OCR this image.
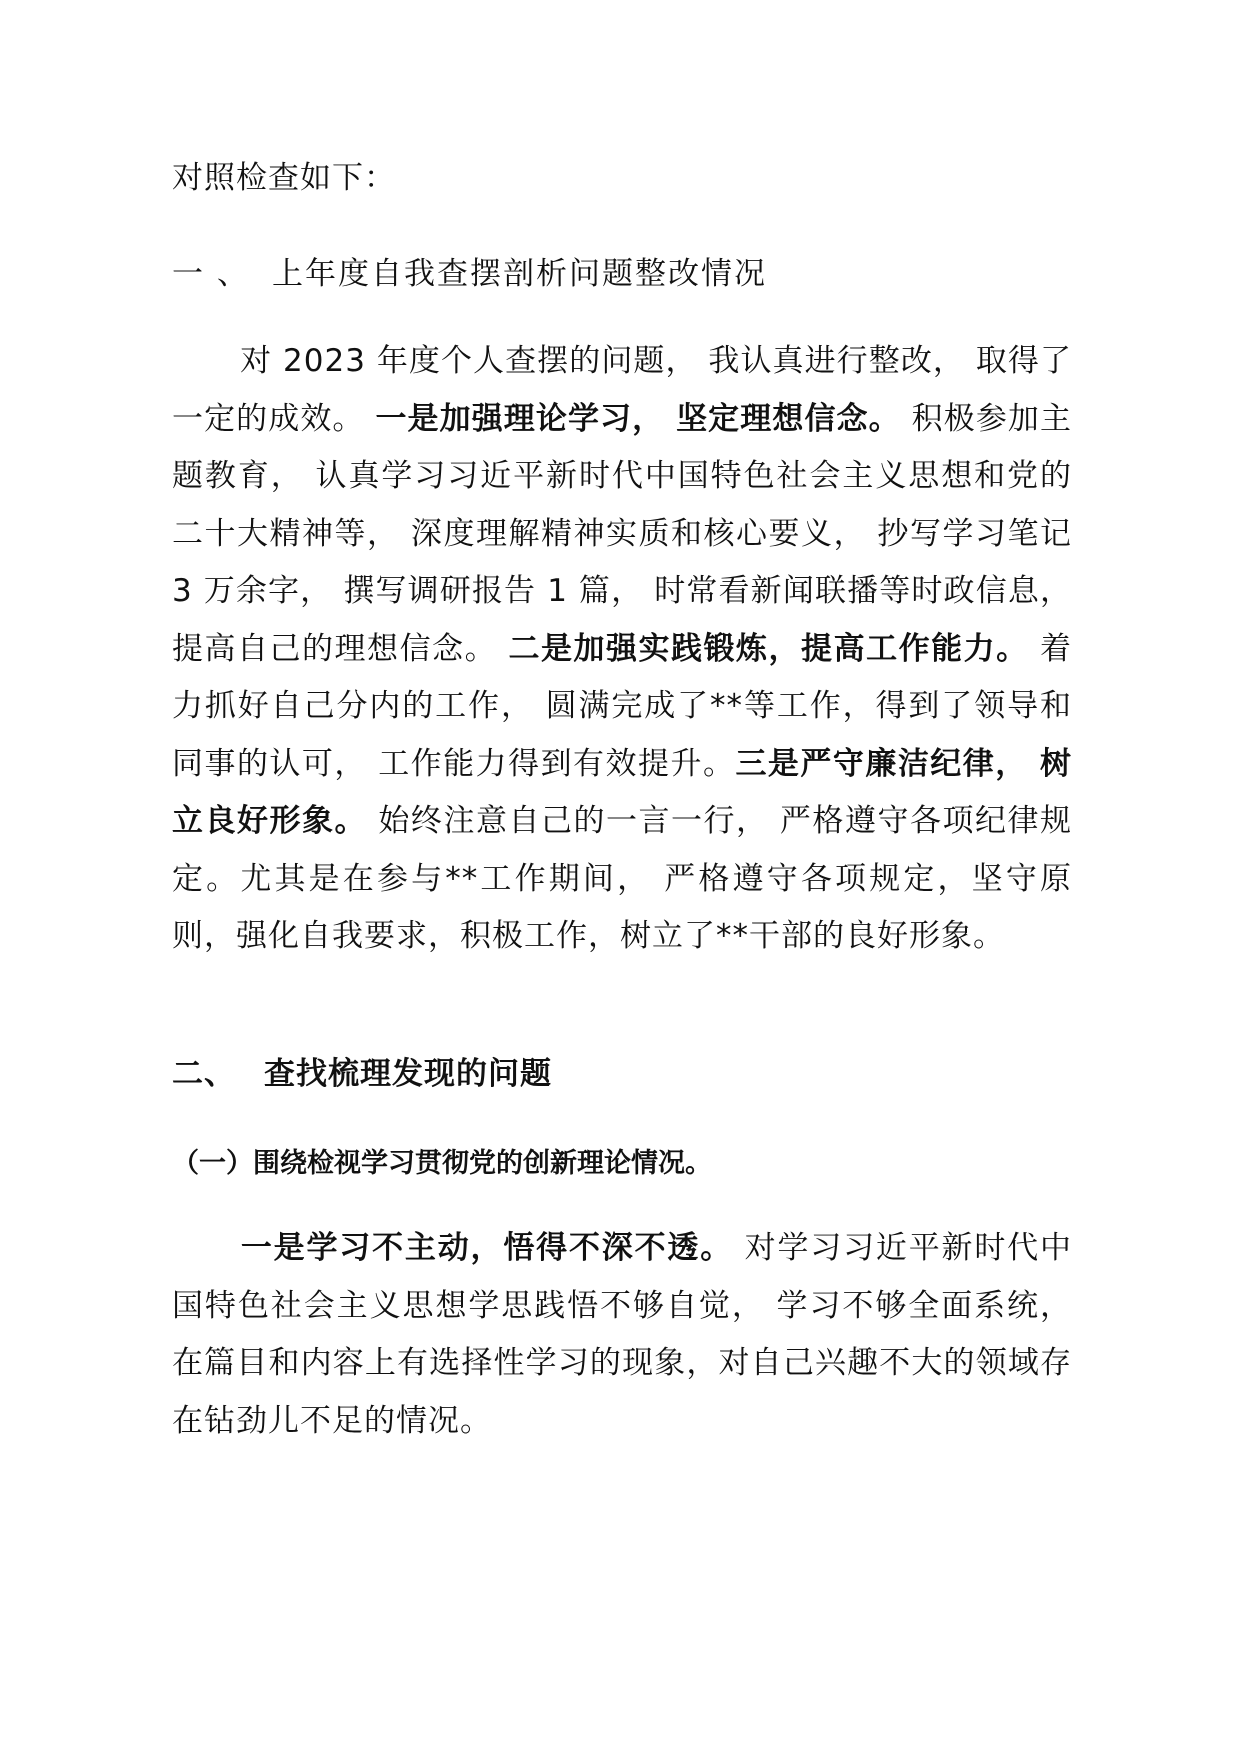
对照检查如下：
一 、 上年度自我查摆剖析问题整改情况
对 2023 年度个人查摆的问题， 我认真进行整改， 取得了一定的成效。 一是加强理论学习， 坚定理想信念。 积极参加主题教育， 认真学习习近平新时代中国特色社会主义思想和党的二十大精神等， 深度理解精神实质和核心要义， 抄写学习笔记 3 万余字， 撰写调研报告 1 篇， 时常看新闻联播等时政信息， 提高自己的理想信念。 二是加强实践锻炼，提高工作能力。 着力抓好自己分内的工作， 圆满完成了**等工作，得到了领导和同事的认可， 工作能力得到有效提升。三是严守廉洁纪律， 树立良好形象。 始终注意自己的一言一行， 严格遵守各项纪律规定。尤其是在参与**工作期间， 严格遵守各项规定，坚守原则，强化自我要求，积极工作，树立了**干部的良好形象。
二、 查找梳理发现的问题
（一）围绕检视学习贯彻党的创新理论情况。
一是学习不主动，悟得不深不透。 对学习习近平新时代中国特色社会主义思想学思践悟不够自觉， 学习不够全面系统，在篇目和内容上有选择性学习的现象，对自己兴趣不大的领域存在钻劲儿不足的情况。
